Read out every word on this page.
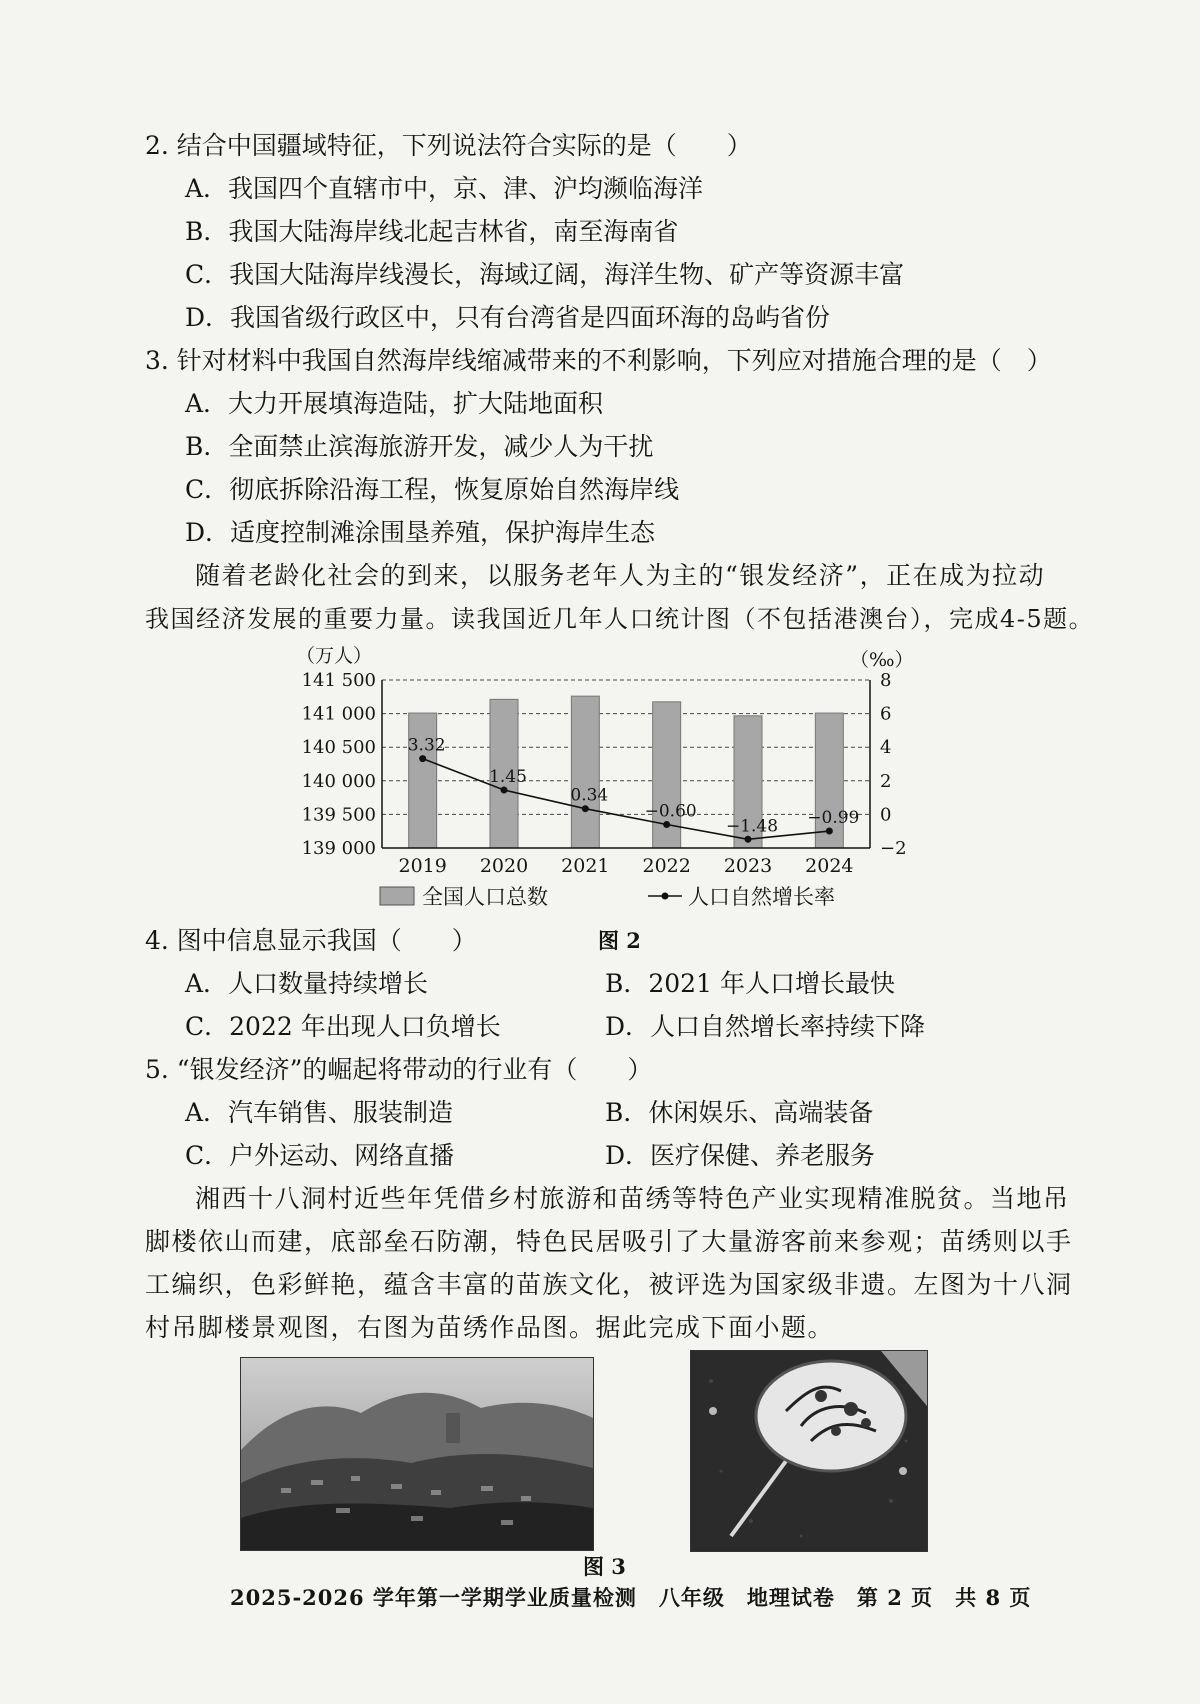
2. 结合中国疆域特征，下列说法符合实际的是（　　）
A．我国四个直辖市中，京、津、沪均濒临海洋
B．我国大陆海岸线北起吉林省，南至海南省
C．我国大陆海岸线漫长，海域辽阔，海洋生物、矿产等资源丰富
D．我国省级行政区中，只有台湾省是四面环海的岛屿省份
3. 针对材料中我国自然海岸线缩减带来的不利影响，下列应对措施合理的是（　）
A．大力开展填海造陆，扩大陆地面积
B．全面禁止滨海旅游开发，减少人为干扰
C．彻底拆除沿海工程，恢复原始自然海岸线
D．适度控制滩涂围垦养殖，保护海岸生态
随着老龄化社会的到来，以服务老年人为主的“银发经济”，正在成为拉动
我国经济发展的重要力量。读我国近几年人口统计图（不包括港澳台），完成4-5题。
139 000
139 500
140 000
140 500
141 000
141 500
−2
0
2
4
6
8
（万人）	（‰）
2019 2020 2021 2022 2023 2024
3.32
1.45
0.34
−0.60
−1.48 −0.99
全国人口总数	人口自然增长率
图 2
4. 图中信息显示我国（　　）
A．人口数量持续增长	B．2021 年人口增长最快
C．2022 年出现人口负增长	D．人口自然增长率持续下降
5. “银发经济”的崛起将带动的行业有（　　）
A．汽车销售、服装制造	B．休闲娱乐、高端装备
C．户外运动、网络直播	D．医疗保健、养老服务
湘西十八洞村近些年凭借乡村旅游和苗绣等特色产业实现精准脱贫。当地吊
脚楼依山而建，底部垒石防潮，特色民居吸引了大量游客前来参观；苗绣则以手
工编织，色彩鲜艳，蕴含丰富的苗族文化，被评选为国家级非遗。左图为十八洞
村吊脚楼景观图，右图为苗绣作品图。据此完成下面小题。
图 3
2025-2026 学年第一学期学业质量检测　八年级　地理试卷　第 2 页　共 8 页
